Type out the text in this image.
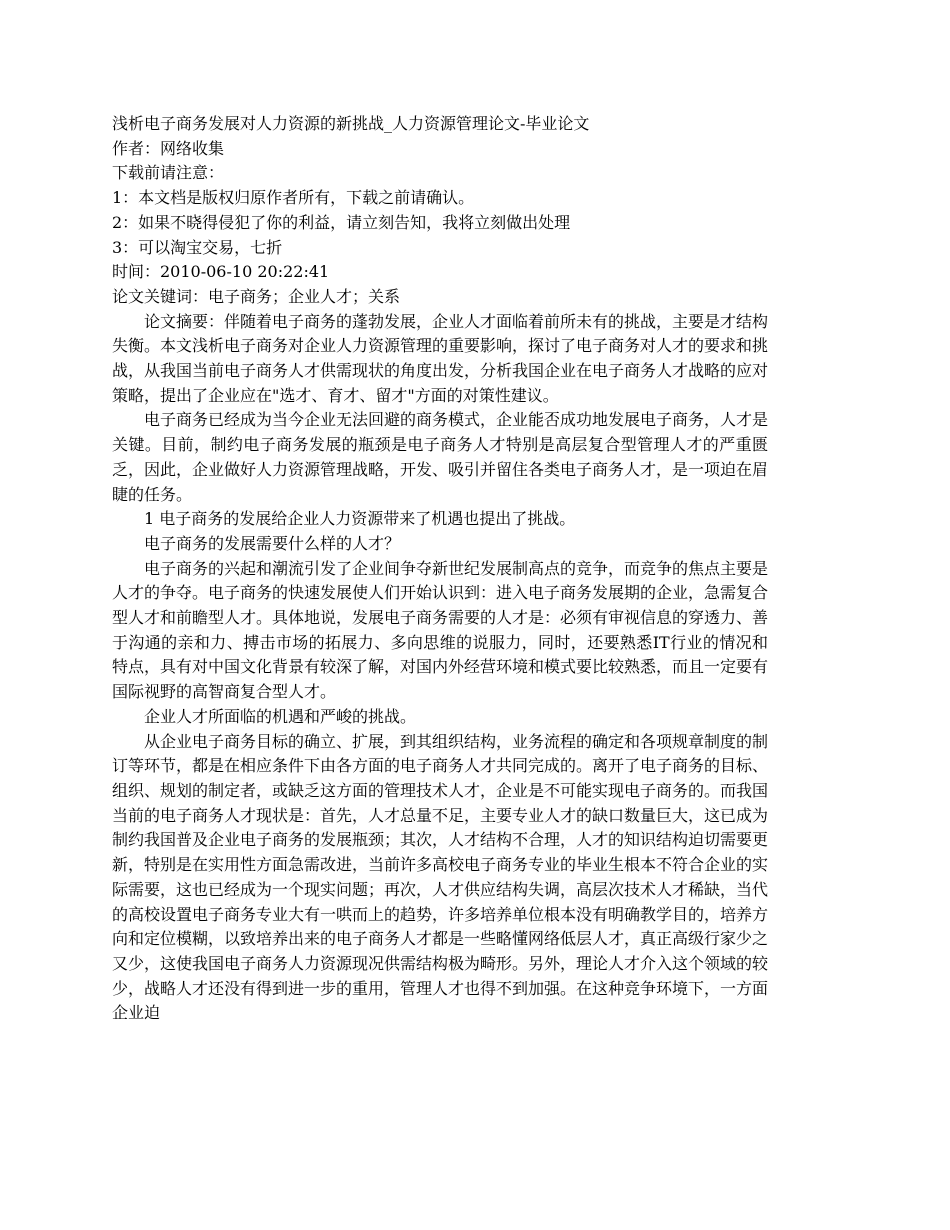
浅析电子商务发展对人力资源的新挑战_人力资源管理论文-毕业论文
作者：网络收集
下载前请注意：
1：本文档是版权归原作者所有，下载之前请确认。
2：如果不晓得侵犯了你的利益，请立刻告知，我将立刻做出处理
3：可以淘宝交易，七折
时间：2010-06-10 20:22:41
论文关键词：电子商务；企业人才；关系

论文摘要：伴随着电子商务的蓬勃发展，企业人才面临着前所未有的挑战，主要是才结构失衡。本文浅析电子商务对企业人力资源管理的重要影响，探讨了电子商务对人才的要求和挑战，从我国当前电子商务人才供需现状的角度出发，分析我国企业在电子商务人才战略的应对策略，提出了企业应在"选才、育才、留才"方面的对策性建议。

电子商务已经成为当今企业无法回避的商务模式，企业能否成功地发展电子商务，人才是关键。目前，制约电子商务发展的瓶颈是电子商务人才特别是高层复合型管理人才的严重匮乏，因此，企业做好人力资源管理战略，开发、吸引并留住各类电子商务人才，是一项迫在眉睫的任务。

1 电子商务的发展给企业人力资源带来了机遇也提出了挑战。

电子商务的发展需要什么样的人才？

电子商务的兴起和潮流引发了企业间争夺新世纪发展制高点的竞争，而竞争的焦点主要是人才的争夺。电子商务的快速发展使人们开始认识到：进入电子商务发展期的企业，急需复合型人才和前瞻型人才。具体地说，发展电子商务需要的人才是：必须有审视信息的穿透力、善于沟通的亲和力、搏击市场的拓展力、多向思维的说服力，同时，还要熟悉IT行业的情况和特点，具有对中国文化背景有较深了解，对国内外经营环境和模式要比较熟悉，而且一定要有国际视野的高智商复合型人才。

企业人才所面临的机遇和严峻的挑战。

从企业电子商务目标的确立、扩展，到其组织结构，业务流程的确定和各项规章制度的制订等环节，都是在相应条件下由各方面的电子商务人才共同完成的。离开了电子商务的目标、组织、规划的制定者，或缺乏这方面的管理技术人才，企业是不可能实现电子商务的。而我国当前的电子商务人才现状是：首先，人才总量不足，主要专业人才的缺口数量巨大，这已成为制约我国普及企业电子商务的发展瓶颈；其次，人才结构不合理，人才的知识结构迫切需要更新，特别是在实用性方面急需改进，当前许多高校电子商务专业的毕业生根本不符合企业的实际需要，这也已经成为一个现实问题；再次，人才供应结构失调，高层次技术人才稀缺，当代的高校设置电子商务专业大有一哄而上的趋势，许多培养单位根本没有明确教学目的，培养方向和定位模糊，以致培养出来的电子商务人才都是一些略懂网络低层人才，真正高级行家少之又少，这使我国电子商务人力资源现况供需结构极为畸形。另外，理论人才介入这个领域的较少，战略人才还没有得到进一步的重用，管理人才也得不到加强。在这种竞争环境下，一方面企业迫
